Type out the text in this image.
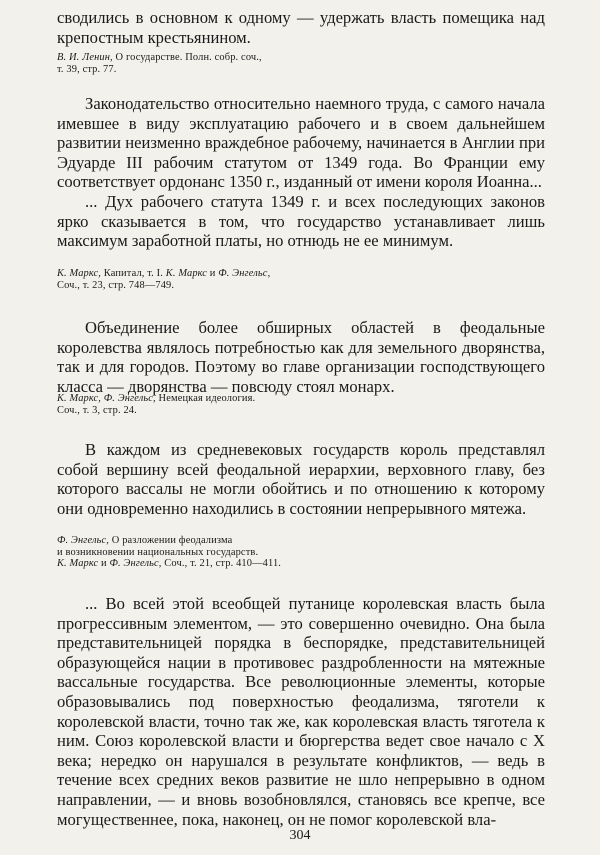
сводились в основном к одному — удержать власть помещика над крепостным крестьянином.
В. И. Ленин, О государстве. Полн. собр. соч.,
т. 39, стр. 77.
Законодательство относительно наемного труда, с самого начала имевшее в виду эксплуатацию рабочего и в своем дальнейшем развитии неизменно враждебное рабочему, начинается в Англии при Эдуарде III рабочим статутом от 1349 года. Во Франции ему соответствует ордонанс 1350 г., изданный от имени короля Иоанна...
... Дух рабочего статута 1349 г. и всех последующих законов ярко сказывается в том, что государство устанавливает лишь максимум заработной платы, но отнюдь не ее минимум.
К. Маркс, Капитал, т. I. К. Маркс и Ф. Энгельс,
Соч., т. 23, стр. 748—749.
Объединение более обширных областей в феодальные королевства являлось потребностью как для земельного дворянства, так и для городов. Поэтому во главе организации господствующего класса — дворянства — повсюду стоял монарх.
К. Маркс, Ф. Энгельс, Немецкая идеология.
Соч., т. 3, стр. 24.
В каждом из средневековых государств король представлял собой вершину всей феодальной иерархии, верховного главу, без которого вассалы не могли обойтись и по отношению к которому они одновременно находились в состоянии непрерывного мятежа.
Ф. Энгельс, О разложении феодализма
и возникновении национальных государств.
К. Маркс и Ф. Энгельс, Соч., т. 21, стр. 410—411.
... Во всей этой всеобщей путанице королевская власть была прогрессивным элементом, — это совершенно очевидно. Она была представительницей порядка в беспорядке, представительницей образующейся нации в противовес раздробленности на мятежные вассальные государства. Все революционные элементы, которые образовывались под поверхностью феодализма, тяготели к королевской власти, точно так же, как королевская власть тяготела к ним. Союз королевской власти и бюргерства ведет свое начало с X века; нередко он нарушался в результате конфликтов, — ведь в течение всех средних веков развитие не шло непрерывно в одном направлении, — и вновь возобновлялся, становясь все крепче, все могущественнее, пока, наконец, он не помог королевской вла-
304
